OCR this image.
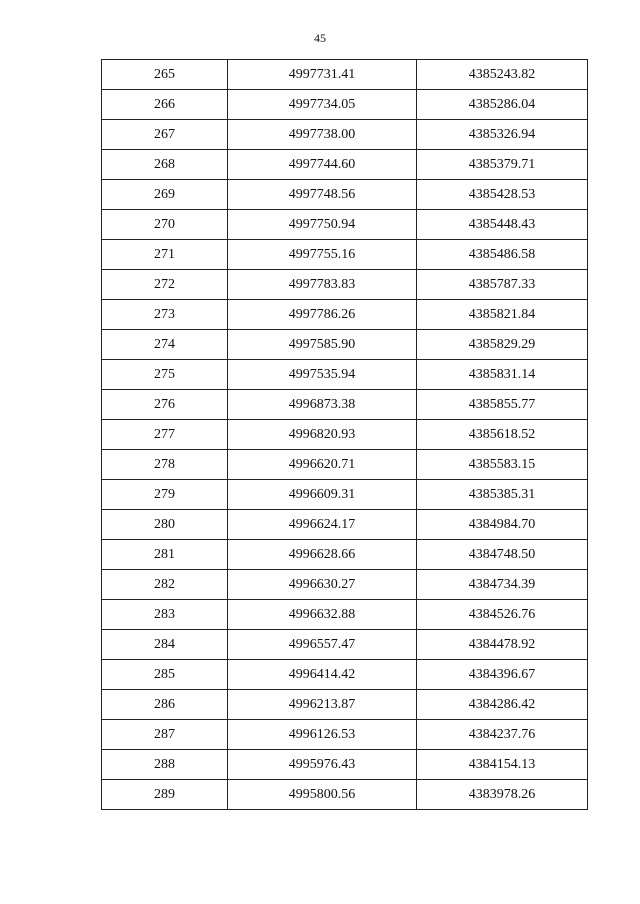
45
265	4997731.41	4385243.82
266	4997734.05	4385286.04
267	4997738.00	4385326.94
268	4997744.60	4385379.71
269	4997748.56	4385428.53
270	4997750.94	4385448.43
271	4997755.16	4385486.58
272	4997783.83	4385787.33
273	4997786.26	4385821.84
274	4997585.90	4385829.29
275	4997535.94	4385831.14
276	4996873.38	4385855.77
277	4996820.93	4385618.52
278	4996620.71	4385583.15
279	4996609.31	4385385.31
280	4996624.17	4384984.70
281	4996628.66	4384748.50
282	4996630.27	4384734.39
283	4996632.88	4384526.76
284	4996557.47	4384478.92
285	4996414.42	4384396.67
286	4996213.87	4384286.42
287	4996126.53	4384237.76
288	4995976.43	4384154.13
289	4995800.56	4383978.26
